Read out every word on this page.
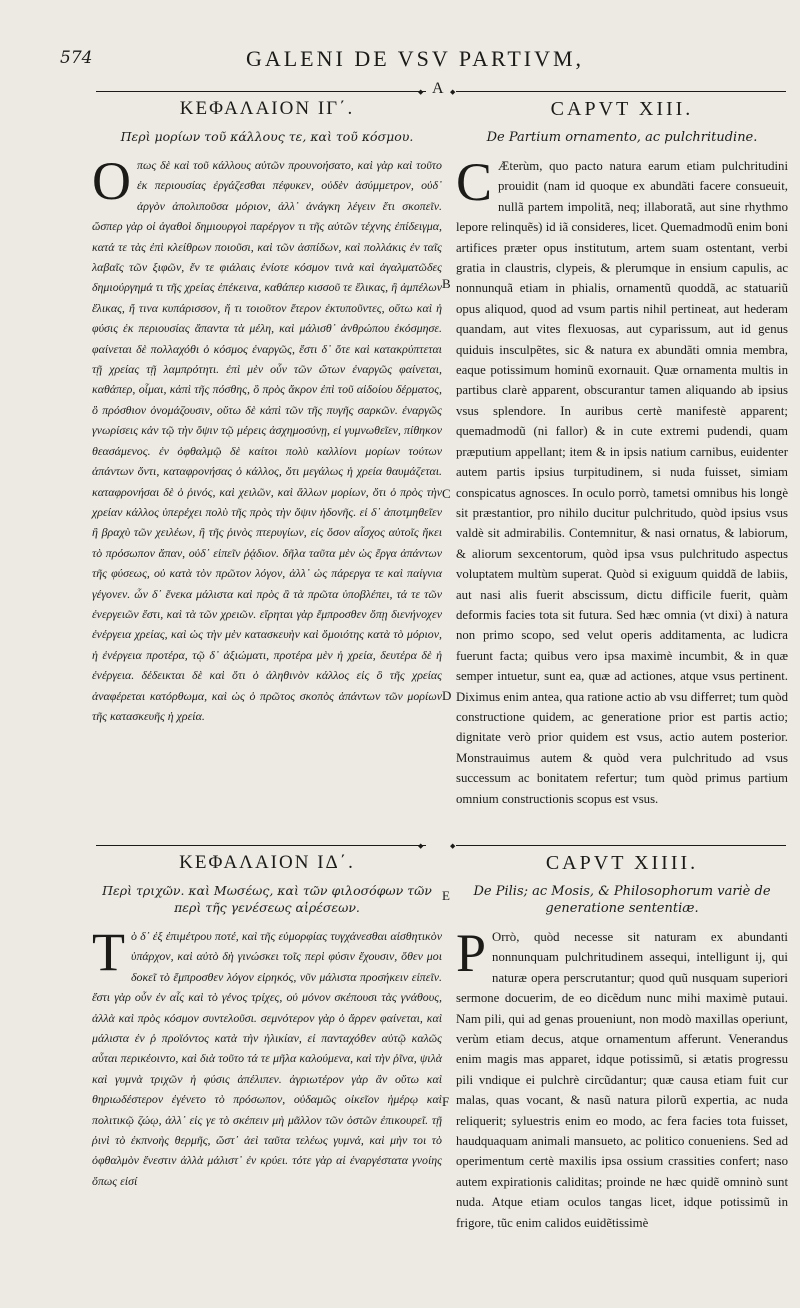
574	GALENI DE VSV PARTIVM,
◆ A ◆
ΚΕΦΑΛΑΙΟΝ ΙΓ΄.
Περὶ μορίων τοῦ κάλλους τε, καὶ τοῦ κόσμου.
Ο πως δὲ καὶ τοῦ κάλλους αὐτῶν προυνοήσατο, καὶ γὰρ καὶ τοῦτο ἐκ περιουσίας ἐργάζεσθαι πέφυκεν, οὐδὲν ἀσύμμετρον, οὐδ᾽ ἀργὸν ἀπολιποῦσα μόριον, ἀλλ᾽ ἀνάγκη λέγειν ἔτι σκοπεῖν. ὥσπερ γὰρ οἱ ἀγαθοὶ δημιουργοὶ παρέργον τι τῆς αὐτῶν τέχνης ἐπίδειγμα, κατά τε τὰς ἐπὶ κλείθρων ποιοῦσι, καὶ τῶν ἀσπίδων, καὶ πολλάκις ἐν ταῖς λαβαῖς τῶν ξιφῶν, ἔν τε φιάλαις ἐνίοτε κόσμον τινὰ καὶ ἀγαλματῶδες δημιούργημά τι τῆς χρείας ἐπέκεινα, καθάπερ κισσοῦ τε ἕλικας, ἢ ἀμπέλων ἕλικας, ἤ τινα κυπάρισσον, ἤ τι τοιοῦτον ἕτερον ἐκτυποῦντες, οὕτω καὶ ἡ φύσις ἐκ περιουσίας ἅπαντα τὰ μέλη, καὶ μάλισθ᾽ ἀνθρώπου ἐκόσμησε. φαίνεται δὲ πολλαχόθι ὁ κόσμος ἐναργῶς, ἔστι δ᾽ ὅτε καὶ κατακρύπτεται τῇ χρείας τῇ λαμπρότητι. ἐπὶ μὲν οὖν τῶν ὤτων ἐναργῶς φαίνεται, καθάπερ, οἶμαι, κἀπὶ τῆς πόσθης, ὃ πρὸς ἄκρον ἐπὶ τοῦ αἰδοίου δέρματος, ὃ πρόσθιον ὀνομάζουσιν, οὕτω δὲ κἀπὶ τῶν τῆς πυγῆς σαρκῶν. ἐναργῶς γνωρίσεις κἀν τῷ τὴν ὄψιν τῷ μέρεις ἀσχημοσύνῃ, εἰ γυμνωθεῖεν, πίθηκον θεασάμενος. ἐν ὀφθαλμῷ δὲ καίτοι πολὺ καλλίονι μορίων τούτων ἁπάντων ὄντι, καταφρονήσας ὁ κάλλος, ὅτι μεγάλως ἡ χρεία θαυμάζεται. καταφρονήσαι δὲ ὁ ῥινός, καὶ χειλῶν, καὶ ἄλλων μορίων, ὅτι ὁ πρὸς τὴν χρείαν κάλλος ὑπερέχει πολὺ τῆς πρὸς τὴν ὄψιν ἡδονῆς. εἰ δ᾽ ἀποτμηθεῖεν ἢ βραχὺ τῶν χειλέων, ἢ τῆς ῥινὸς πτερυγίων, εἰς ὅσον αἶσχος αὐτοῖς ἥκει τὸ πρόσωπον ἅπαν, οὐδ᾽ εἰπεῖν ῥᾴδιον. δῆλα ταῦτα μὲν ὡς ἔργα ἀπάντων τῆς φύσεως, οὐ κατὰ τὸν πρῶτον λόγον, ἀλλ᾽ ὡς πάρεργα τε καὶ παίγνια γέγονεν. ὧν δ᾽ ἕνεκα μάλιστα καὶ πρὸς ἃ τὰ πρῶτα ὑποβλέπει, τά τε τῶν ἐνεργειῶν ἔστι, καὶ τὰ τῶν χρειῶν. εἴρηται γὰρ ἔμπροσθεν ὅπῃ διενήνοχεν ἐνέργεια χρείας, καὶ ὡς τὴν μὲν κατασκευὴν καὶ ὅμοιότης κατὰ τὸ μόριον, ἡ ἐνέργεια προτέρα, τῷ δ᾽ ἀξιώματι, προτέρα μὲν ἡ χρεία, δευτέρα δὲ ἡ ἐνέργεια. δέδεικται δὲ καὶ ὅτι ὁ ἀληθινὸν κάλλος εἰς ὃ τῆς χρείας ἀναφέρεται κατόρθωμα, καὶ ὡς ὁ πρῶτος σκοπὸς ἁπάντων τῶν μορίων τῆς κατασκευῆς ἡ χρεία.
CAPVT XIII.
De Partium ornamento, ac pulchritudine.
C Æterùm, quo pacto natura earum etiam pulchritudini prouidit (nam id quoque ex abundãti facere consueuit, nullã partem impolitã, neq; illaboratã, aut sine rhythmo lepore relinquẽs) id iã consideres, licet. Quemadmodũ enim boni artifices præter opus institutum, artem suam ostentant, verbi gratia in claustris, clypeis, & plerumque in ensium capulis, ac nonnunquã etiam in phialis, ornamentũ quoddã, ac statuariũ opus aliquod, quod ad vsum partis nihil pertineat, aut hederam quandam, aut vites flexuosas, aut cyparissum, aut id genus quiduis insculpẽtes, sic & natura ex abundãti omnia membra, eaque potissimum hominũ exornauit. Quæ ornamenta multis in partibus clarè apparent, obscurantur tamen aliquando ab ipsius vsus splendore. In auribus certè manifestè apparent; quemadmodũ (ni fallor) & in cute extremi pudendi, quam præputium appellant; item & in ipsis natium carnibus, euidenter autem partis ipsius turpitudinem, si nuda fuisset, simiam conspicatus agnosces. In oculo porrò, tametsi omnibus his longè sit præstantior, pro nihilo ducitur pulchritudo, quòd ipsius vsus valdè sit admirabilis. Contemnitur, & nasi ornatus, & labiorum, & aliorum sexcentorum, quòd ipsa vsus pulchritudo aspectus voluptatem multùm superat. Quòd si exiguum quiddã de labiis, aut nasi alis fuerit abscissum, dictu difficile fuerit, quàm deformis facies tota sit futura. Sed hæc omnia (vt dixi) à natura non primo scopo, sed velut operis additamenta, ac ludicra fuerunt facta; quibus vero ipsa maximè incumbit, & in quæ semper intuetur, sunt ea, quæ ad actiones, atque vsus pertinent. Diximus enim antea, qua ratione actio ab vsu differret; tum quòd constructione quidem, ac generatione prior est partis actio; dignitate verò prior quidem est vsus, actio autem posterior. Monstrauimus autem & quòd vera pulchritudo ad vsus successum ac bonitatem refertur; tum quòd primus partium omnium constructionis scopus est vsus.
B
C
D
E
F
◆	◆
ΚΕΦΑΛΑΙΟΝ ΙΔ΄.
Περὶ τριχῶν. καὶ Μωσέως, καὶ τῶν φιλοσόφων τῶν περὶ τῆς γενέσεως αἱρέσεων.
Τ ὸ δ᾽ ἐξ ἐπιμέτρου ποτέ, καὶ τῆς εὐμορφίας τυγχάνεσθαι αἰσθητικὸν ὑπάρχον, καὶ αὐτὸ δὴ γινώσκει τοῖς περὶ φύσιν ἔχουσιν, ὅθεν μοι δοκεῖ τὸ ἔμπροσθεν λόγον εἰρηκός, νῦν μάλιστα προσήκειν εἰπεῖν. ἔστι γὰρ οὖν ἐν αἷς καὶ τὸ γένος τρίχες, οὐ μόνον σκέπουσι τὰς γνάθους, ἀλλὰ καὶ πρὸς κόσμον συντελοῦσι. σεμνότερον γὰρ ὁ ἄρρεν φαίνεται, καὶ μάλιστα ἐν ῥ προϊόντος κατὰ τὴν ἡλικίαν, εἰ πανταχόθεν αὐτῷ καλῶς αὗται περικέοιντο, καὶ διὰ τοῦτο τά τε μῆλα καλούμενα, καὶ τὴν ῥῖνα, ψιλὰ καὶ γυμνὰ τριχῶν ἡ φύσις ἀπέλιπεν. ἀγριωτέρον γὰρ ἂν οὕτω καὶ θηριωδέστερον ἐγένετο τὸ πρόσωπον, οὐδαμῶς οἰκεῖον ἡμέρῳ καὶ πολιτικῷ ζώῳ, ἀλλ᾽ εἰς γε τὸ σκέπειν μὴ μᾶλλον τῶν ὀστῶν ἐπικουρεῖ. τῇ ῥινὶ τὸ ἐκπνοὴς θερμῆς, ὥστ᾽ ἀεὶ ταῦτα τελέως γυμνά, καὶ μὴν τοι τὸ ὀφθαλμὸν ἔνεστιν ἀλλὰ μάλιστ᾽ ἐν κρύει. τότε γὰρ αἱ ἐναργέστατα γνοίης ὅπως εἰσί
CAPVT XIIII.
De Pilis; ac Mosis, & Philosophorum variè de generatione sententiæ.
P Orrò, quòd necesse sit naturam ex abundanti nonnunquam pulchritudinem assequi, intelligunt ij, qui naturæ opera perscrutantur; quod quũ nusquam superiori sermone docuerim, de eo dicẽdum nunc mihi maximè putaui. Nam pili, qui ad genas proueniunt, non modò maxillas operiunt, verùm etiam decus, atque ornamentum afferunt. Venerandus enim magis mas apparet, idque potissimũ, si ætatis progressu pili vndique ei pulchrè circũdantur; quæ causa etiam fuit cur malas, quas vocant, & nasũ natura pilorũ expertia, ac nuda reliquerit; syluestris enim eo modo, ac fera facies tota fuisset, haudquaquam animali mansueto, ac politico conueniens. Sed ad operimentum certè maxilis ipsa ossium crassities confert; naso autem expirationis caliditas; proinde ne hæc quidẽ omninò sunt nuda. Atque etiam oculos tangas licet, idque potissimũ in frigore, tũc enim calidos euidẽtissimè
